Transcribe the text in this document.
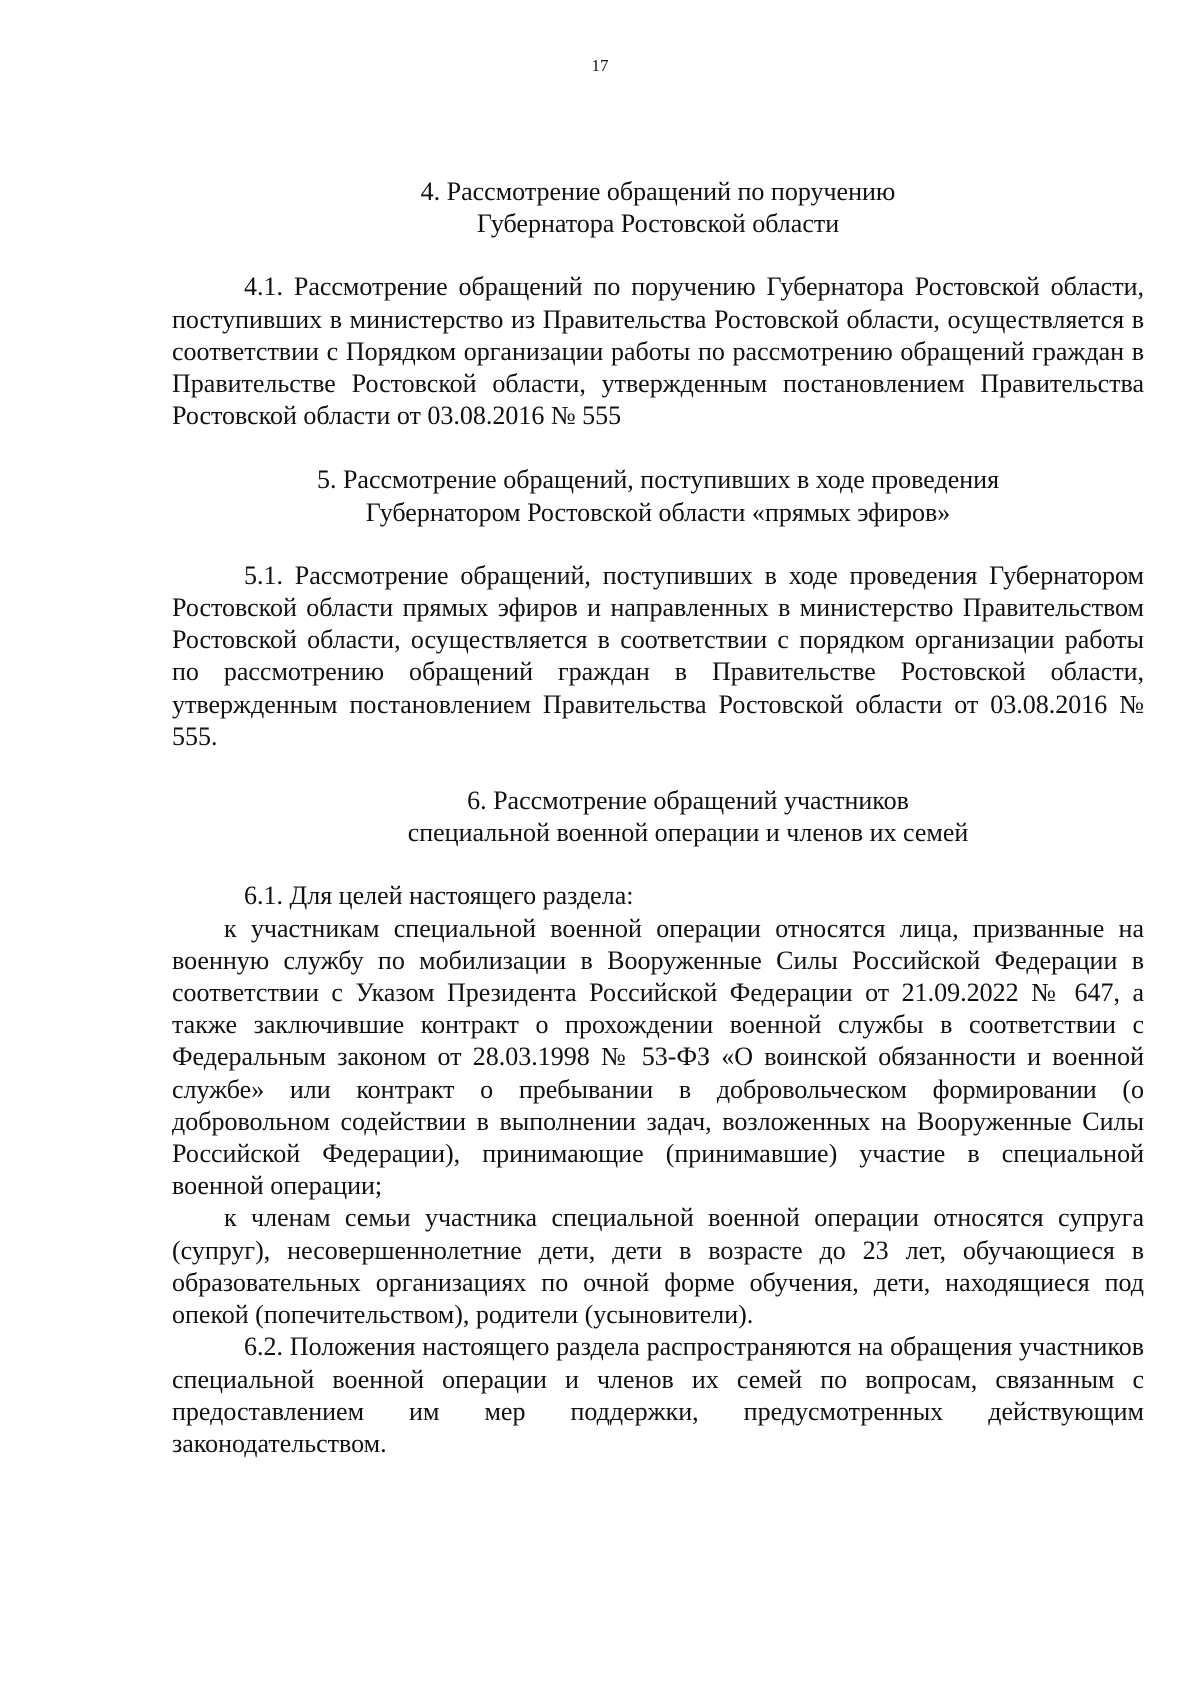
17
4. Рассмотрение обращений по поручению
Губернатора Ростовской области

4.1. Рассмотрение обращений по поручению Губернатора Ростовской области, поступивших в министерство из Правительства Ростовской области, осуществляется в соответствии с Порядком организации работы по рассмотрению обращений граждан в Правительстве Ростовской области, утвержденным постановлением Правительства Ростовской области от 03.08.2016 № 555

5. Рассмотрение обращений, поступивших в ходе проведения
Губернатором Ростовской области «прямых эфиров»

5.1. Рассмотрение обращений, поступивших в ходе проведения Губернатором Ростовской области прямых эфиров и направленных в министерство Правительством Ростовской области, осуществляется в соответствии с порядком организации работы по рассмотрению обращений граждан в Правительстве Ростовской области, утвержденным постановлением Правительства Ростовской области от 03.08.2016 № 555.

6. Рассмотрение обращений участников
специальной военной операции и членов их семей

6.1. Для целей настоящего раздела:

к участникам специальной военной операции относятся лица, призванные на военную службу по мобилизации в Вооруженные Силы Российской Федерации в соответствии с Указом Президента Российской Федерации от 21.09.2022 № 647, а также заключившие контракт о прохождении военной службы в соответствии с Федеральным законом от 28.03.1998 № 53-ФЗ «О воинской обязанности и военной службе» или контракт о пребывании в добровольческом формировании (о добровольном содействии в выполнении задач, возложенных на Вооруженные Силы Российской Федерации), принимающие (принимавшие) участие в специальной военной операции;

к членам семьи участника специальной военной операции относятся супруга (супруг), несовершеннолетние дети, дети в возрасте до 23 лет, обучающиеся в образовательных организациях по очной форме обучения, дети, находящиеся под опекой (попечительством), родители (усыновители).

6.2. Положения настоящего раздела распространяются на обращения участников специальной военной операции и членов их семей по вопросам, связанным с предоставлением им мер поддержки, предусмотренных действующим законодательством.
